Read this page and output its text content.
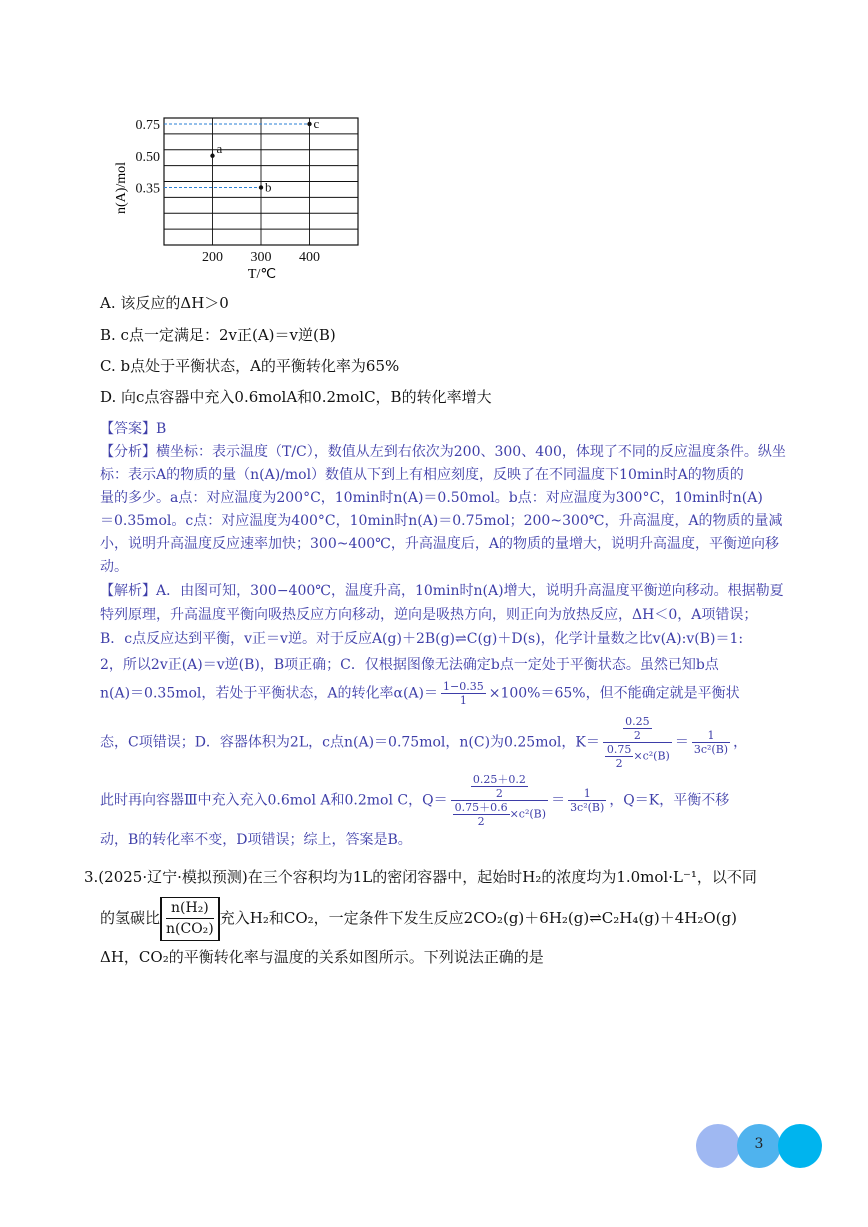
a
b
c
0.75
0.50
0.35
200 300 400
n(A)/mol
T/℃
A. 该反应的ΔH＞0
B. c点一定满足：2v正(A)＝v逆(B)
C. b点处于平衡状态，A的平衡转化率为65%
D. 向c点容器中充入0.6molA和0.2molC，B的转化率增大
【答案】B
【分析】横坐标：表示温度（T/C），数值从左到右依次为200、300、400，体现了不同的反应温度条件。纵坐
标：表示A的物质的量（n(A)/mol）数值从下到上有相应刻度，反映了在不同温度下10min时A的物质的
量的多少。a点：对应温度为200°C，10min时n(A)＝0.50mol。b点：对应温度为300°C，10min时n(A)
＝0.35mol。c点：对应温度为400°C，10min时n(A)＝0.75mol；200~300℃，升高温度，A的物质的量减
小，说明升高温度反应速率加快；300~400℃，升高温度后，A的物质的量增大，说明升高温度，平衡逆向移
动。
【解析】A．由图可知，300−400℃，温度升高，10min时n(A)增大，说明升高温度平衡逆向移动。根据勒夏
特列原理，升高温度平衡向吸热反应方向移动，逆向是吸热方向，则正向为放热反应，ΔH＜0，A项错误；
B．c点反应达到平衡，v正＝v逆。对于反应A(g)＋2B(g)⇌C(g)＋D(s)，化学计量数之比v(A):v(B)＝1:
2，所以2v正(A)＝v逆(B)，B项正确；C．仅根据图像无法确定b点一定处于平衡状态。虽然已知b点
n(A)＝0.35mol，若处于平衡状态，A的转化率$\alpha(A)= \frac{1-0.35}{1} \times 100\%=65\%$，但不能确定就是平衡状
态，C项错误；D．容器体积为2L，c点n(A)＝0.75mol，n(C)为0.25mol，$K= \frac{\frac{0.25}{2}}{\frac{0.75}{2} \times c^2(B)} = \frac{1}{\text{3c²(B)}}$ ，
此时再向容器Ⅲ中充入充入0.6mol A和0.2mol C，$Q= \frac{\frac{0.25+0.2}{2}}{\frac{0.75+0.6}{2} \times c^2(B)} = \frac{1}{\text{3c²(B)}}$ ，Q＝K，平衡不移
动，B的转化率不变，D项错误；综上，答案是B。
3.(2025·辽宁·模拟预测)在三个容积均为1L的密闭容器中，起始时H₂的浓度均为1.0mol·L⁻¹，以不同
的氢碳比 $\frac{\text{n(H₂)}}{\text{n(CO₂)}}$ 充入H₂和CO₂，一定条件下发生反应2CO₂(g)＋6H₂(g)⇌C₂H₄(g)＋4H₂O(g)
ΔH，CO₂的平衡转化率与温度的关系如图所示。下列说法正确的是
3
